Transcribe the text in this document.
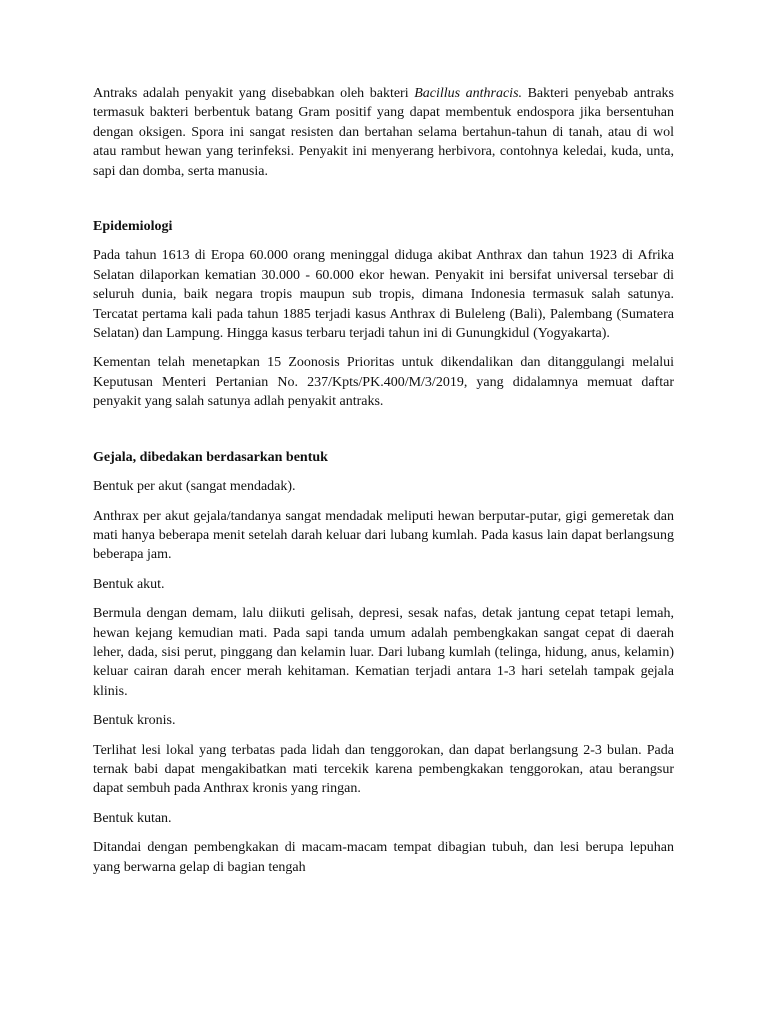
Antraks adalah penyakit yang disebabkan oleh bakteri Bacillus anthracis. Bakteri penyebab antraks termasuk bakteri berbentuk batang Gram positif yang dapat membentuk endospora jika bersentuhan dengan oksigen. Spora ini sangat resisten dan bertahan selama bertahun-tahun di tanah, atau di wol atau rambut hewan yang terinfeksi. Penyakit ini menyerang herbivora, contohnya keledai, kuda, unta, sapi dan domba, serta manusia.

Epidemiologi

Pada tahun 1613 di Eropa 60.000 orang meninggal diduga akibat Anthrax dan tahun 1923 di Afrika Selatan dilaporkan kematian 30.000 - 60.000 ekor hewan. Penyakit ini bersifat universal tersebar di seluruh dunia, baik negara tropis maupun sub tropis, dimana Indonesia termasuk salah satunya. Tercatat pertama kali pada tahun 1885 terjadi kasus Anthrax di Buleleng (Bali), Palembang (Sumatera Selatan) dan Lampung. Hingga kasus terbaru terjadi tahun ini di Gunungkidul (Yogyakarta).

Kementan telah menetapkan 15 Zoonosis Prioritas untuk dikendalikan dan ditanggulangi melalui Keputusan Menteri Pertanian No. 237/Kpts/PK.400/M/3/2019, yang didalamnya memuat daftar penyakit yang salah satunya adlah penyakit antraks.

Gejala, dibedakan berdasarkan bentuk

Bentuk per akut (sangat mendadak).

Anthrax per akut gejala/tandanya sangat mendadak meliputi hewan berputar-putar, gigi gemeretak dan mati hanya beberapa menit setelah darah keluar dari lubang kumlah. Pada kasus lain dapat berlangsung beberapa jam.

Bentuk akut.

Bermula dengan demam, lalu diikuti gelisah, depresi, sesak nafas, detak jantung cepat tetapi lemah, hewan kejang kemudian mati. Pada sapi tanda umum adalah pembengkakan sangat cepat di daerah leher, dada, sisi perut, pinggang dan kelamin luar. Dari lubang kumlah (telinga, hidung, anus, kelamin) keluar cairan darah encer merah kehitaman. Kematian terjadi antara 1-3 hari setelah tampak gejala klinis.

Bentuk kronis.

Terlihat lesi lokal yang terbatas pada lidah dan tenggorokan, dan dapat berlangsung 2-3 bulan. Pada ternak babi dapat mengakibatkan mati tercekik karena pembengkakan tenggorokan, atau berangsur dapat sembuh pada Anthrax kronis yang ringan.

Bentuk kutan.

Ditandai dengan pembengkakan di macam-macam tempat dibagian tubuh, dan lesi berupa lepuhan yang berwarna gelap di bagian tengah
